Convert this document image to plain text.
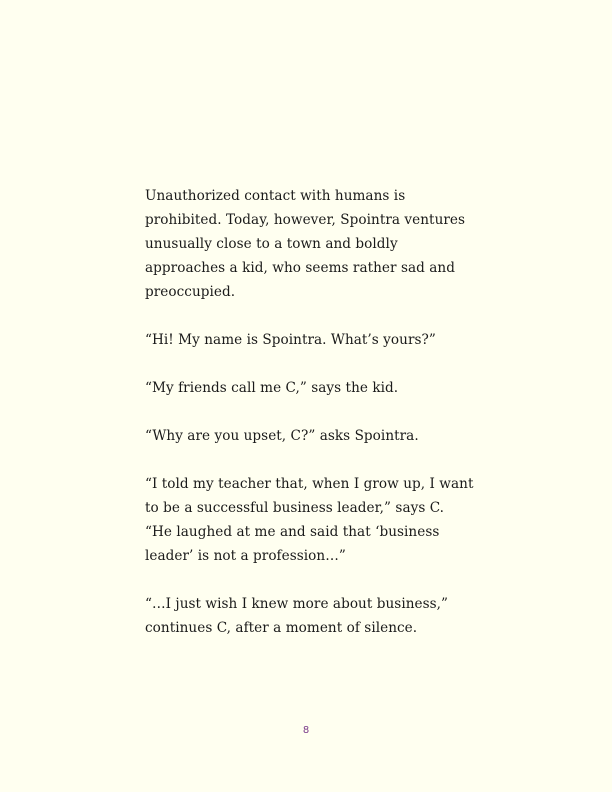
Unauthorized contact with humans is prohibited. Today, however, Spointra ventures unusually close to a town and boldly approaches a kid, who seems rather sad and preoccupied.

“Hi! My name is Spointra. What’s yours?”

“My friends call me C,” says the kid.

“Why are you upset, C?” asks Spointra.

“I told my teacher that, when I grow up, I want to be a successful business leader,” says C. “He laughed at me and said that ‘business leader’ is not a profession…”

“…I just wish I knew more about business,” continues C, after a moment of silence.

8
